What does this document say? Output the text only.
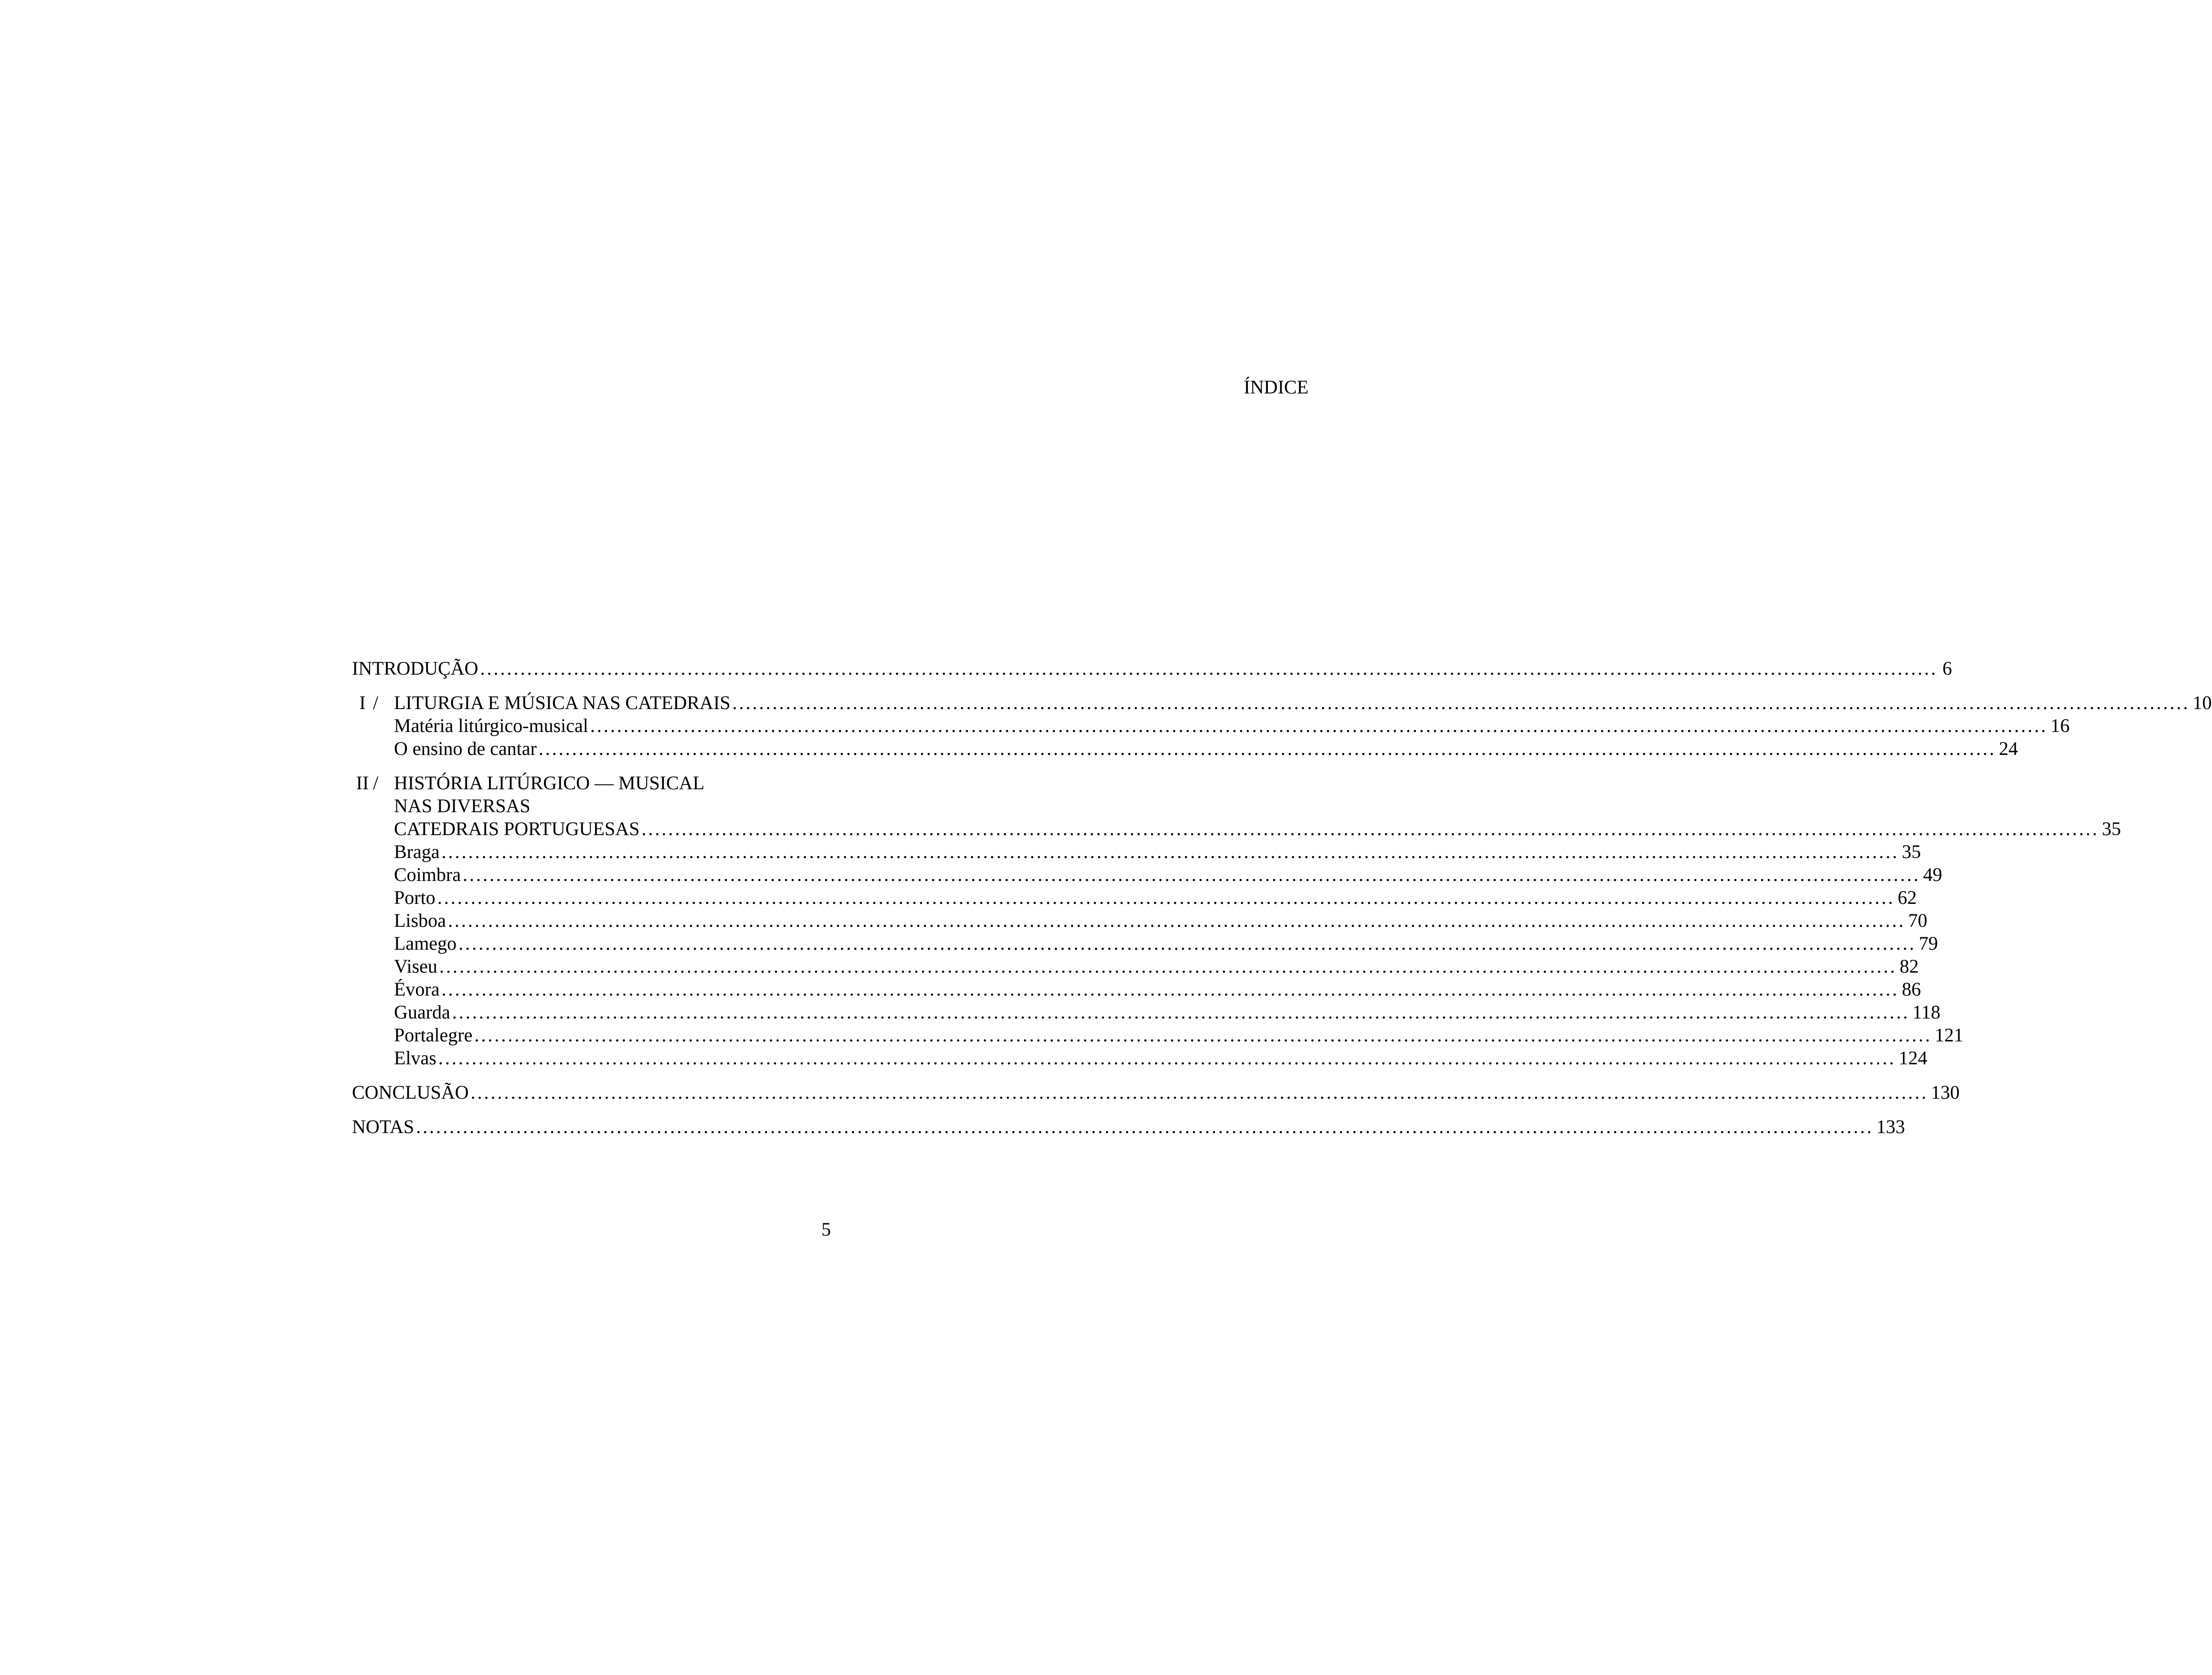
ÍNDICE
INTRODUÇÃO .....	6
I / LITURGIA E MÚSICA NAS CATEDRAIS .....	10
Matéria litúrgico-musical .....	16
O ensino de cantar .....	24
II / HISTÓRIA LITÚRGICO — MUSICAL
NAS DIVERSAS
CATEDRAIS PORTUGUESAS .....	35
Braga .....	35
Coimbra .....	49
Porto .....	62
Lisboa .....	70
Lamego .....	79
Viseu .....	82
Évora .....	86
Guarda .....	118
Portalegre .....	121
Elvas .....	124
CONCLUSÃO .....	130
NOTAS .....	133
5
